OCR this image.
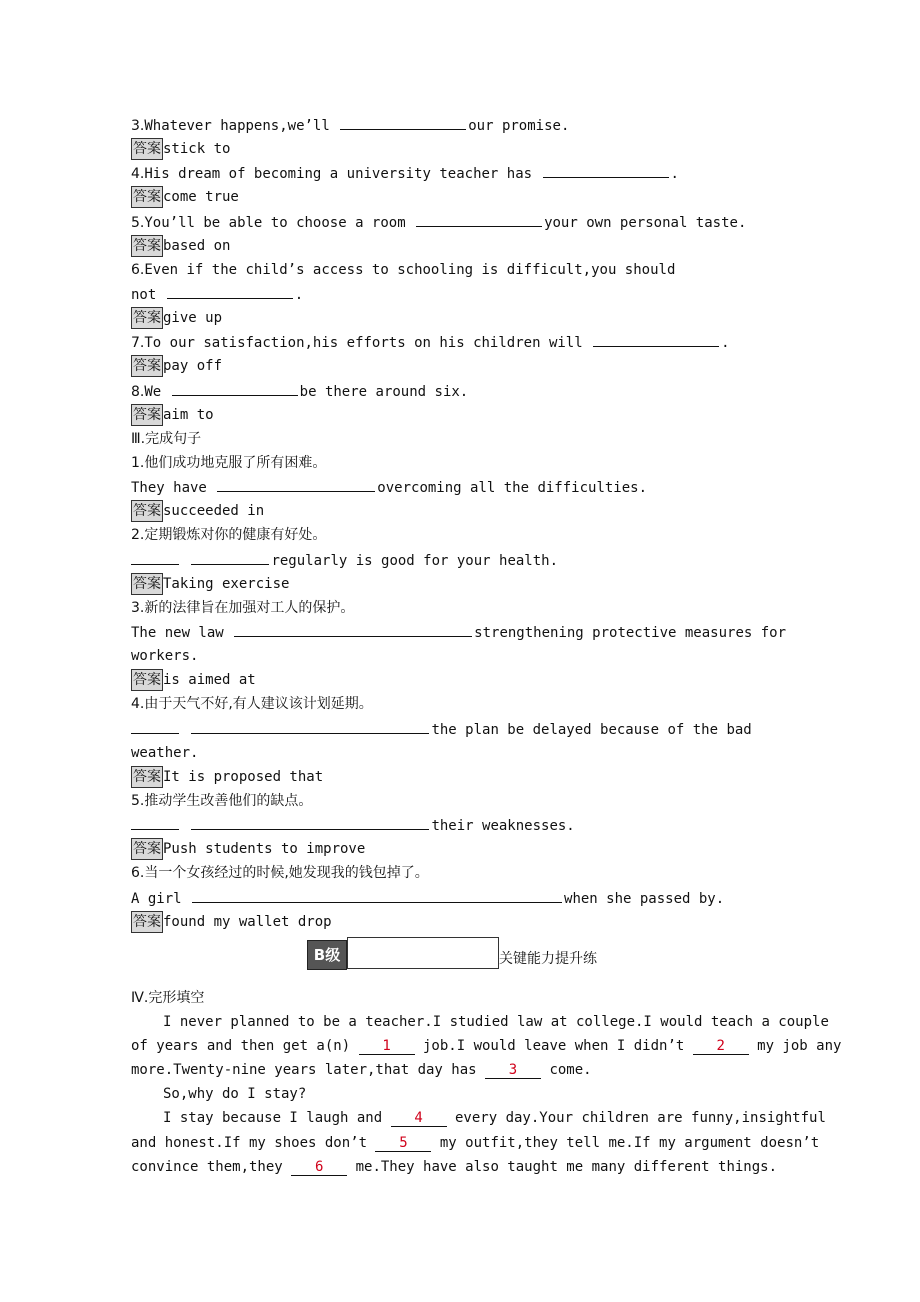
3.Whatever happens,we’ll	our promise.
答案 stick to
4.His dream of becoming a university teacher has	.
答案 come true
5.You’ll be able to choose a room	your own personal taste.
答案 based on
6.Even if the child’s access to schooling is difficult,you should
not	.
答案 give up
7.To our satisfaction,his efforts on his children will	.
答案 pay off
8.We	be there around six.
答案 aim to
Ⅲ.完成句子
1.他们成功地克服了所有困难。
They have	overcoming all the difficulties.
答案 succeeded in
2.定期锻炼对你的健康有好处。
regularly is good for your health.
答案 Taking exercise
3.新的法律旨在加强对工人的保护。
The new law	strengthening protective measures for
workers.
答案 is aimed at
4.由于天气不好,有人建议该计划延期。
the plan be delayed because of the bad
weather.
答案 It is proposed that
5.推动学生改善他们的缺点。
their weaknesses.
答案 Push students to improve
6.当一个女孩经过的时候,她发现我的钱包掉了。
A girl	when she passed by.
答案 found my wallet drop
B级	关键能力提升练
Ⅳ.完形填空
I never planned to be a teacher.I studied law at college.I would teach a couple
of years and then get a(n) 1 job.I would leave when I didn’t 2 my job any
more.Twenty-nine years later,that day has 3 come.
So,why do I stay?
I stay because I laugh and 4 every day.Your children are funny,insightful
and honest.If my shoes don’t 5 my outfit,they tell me.If my argument doesn’t
convince them,they 6 me.They have also taught me many different things.
